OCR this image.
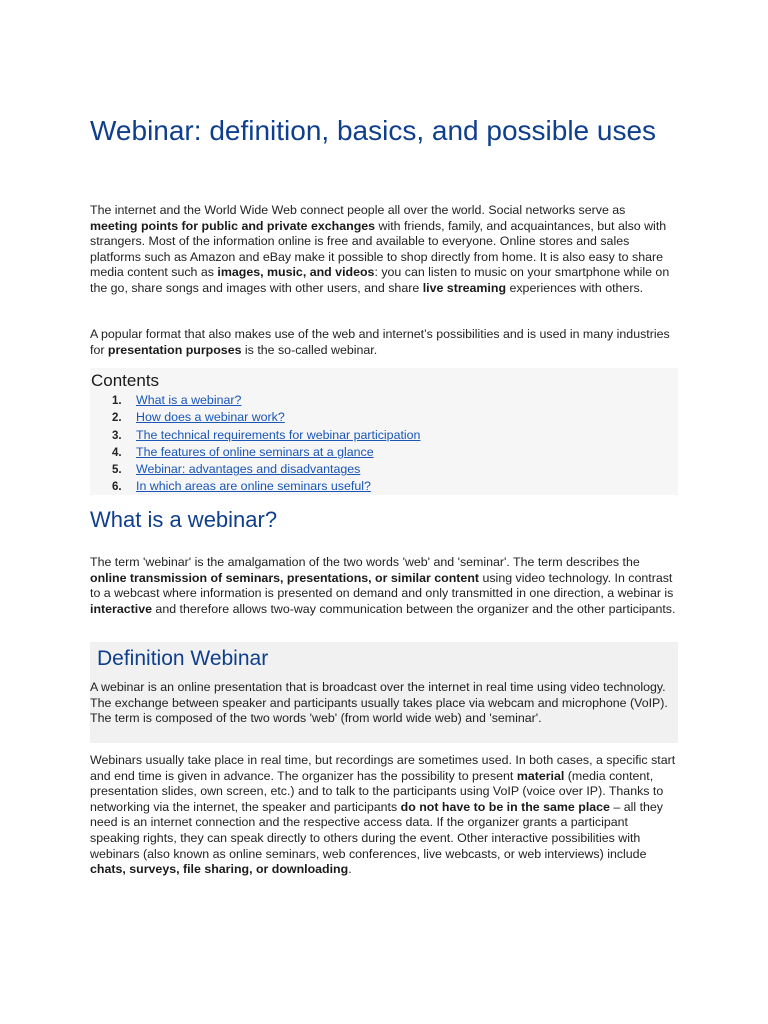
Webinar: definition, basics, and possible uses

The internet and the World Wide Web connect people all over the world. Social networks serve as meeting points for public and private exchanges with friends, family, and acquaintances, but also with strangers. Most of the information online is free and available to everyone. Online stores and sales platforms such as Amazon and eBay make it possible to shop directly from home. It is also easy to share media content such as images, music, and videos: you can listen to music on your smartphone while on the go, share songs and images with other users, and share live streaming experiences with others.

A popular format that also makes use of the web and internet’s possibilities and is used in many industries for presentation purposes is the so-called webinar.

Contents
1. What is a webinar?
2. How does a webinar work?
3. The technical requirements for webinar participation
4. The features of online seminars at a glance
5. Webinar: advantages and disadvantages
6. In which areas are online seminars useful?
What is a webinar?

The term 'webinar' is the amalgamation of the two words 'web' and 'seminar'. The term describes the online transmission of seminars, presentations, or similar content using video technology. In contrast to a webcast where information is presented on demand and only transmitted in one direction, a webinar is interactive and therefore allows two-way communication between the organizer and the other participants.

Definition Webinar

A webinar is an online presentation that is broadcast over the internet in real time using video technology. The exchange between speaker and participants usually takes place via webcam and microphone (VoIP). The term is composed of the two words 'web' (from world wide web) and 'seminar'.

Webinars usually take place in real time, but recordings are sometimes used. In both cases, a specific start and end time is given in advance. The organizer has the possibility to present material (media content, presentation slides, own screen, etc.) and to talk to the participants using VoIP (voice over IP). Thanks to networking via the internet, the speaker and participants do not have to be in the same place – all they need is an internet connection and the respective access data. If the organizer grants a participant speaking rights, they can speak directly to others during the event. Other interactive possibilities with webinars (also known as online seminars, web conferences, live webcasts, or web interviews) include chats, surveys, file sharing, or downloading.
